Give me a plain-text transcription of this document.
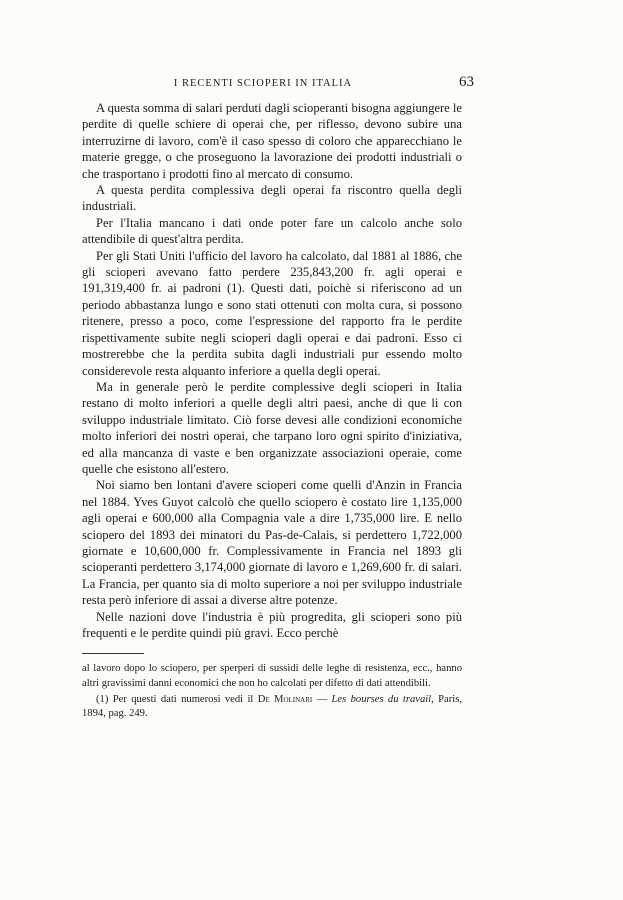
I RECENTI SCIOPERI IN ITALIA	63

A questa somma di salari perduti dagli scioperanti bisogna aggiungere le perdite di quelle schiere di operai che, per riflesso, devono subire una interruzirne di lavoro, com'è il caso spesso di coloro che apparecchiano le materie gregge, o che proseguono la lavorazione dei prodotti industriali o che trasportano i prodotti fino al mercato di consumo.

A questa perdita complessiva degli operai fa riscontro quella degli industriali.

Per l'Italia mancano i dati onde poter fare un calcolo anche solo attendibile di quest'altra perdita.

Per gli Stati Uniti l'ufficio del lavoro ha calcolato, dal 1881 al 1886, che gli scioperi avevano fatto perdere 235,843,200 fr. agli operai e 191,319,400 fr. ai padroni (1). Questi dati, poichè si riferiscono ad un periodo abbastanza lungo e sono stati ottenuti con molta cura, si possono ritenere, presso a poco, come l'espressione del rapporto fra le perdite rispettivamente subite negli scioperi dagli operai e dai padroni. Esso ci mostrerebbe che la perdita subita dagli industriali pur essendo molto considerevole resta alquanto inferiore a quella degli operai.

Ma in generale però le perdite complessive degli scioperi in Italia restano di molto inferiori a quelle degli altri paesi, anche di que li con sviluppo industriale limitato. Ciò forse devesi alle condizioni economiche molto inferiori dei nostri operai, che tarpano loro ogni spirito d'iniziativa, ed alla mancanza di vaste e ben organizzate associazioni operaie, come quelle che esistono all'estero.

Noi siamo ben lontani d'avere scioperi come quelli d'Anzin in Francia nel 1884. Yves Guyot calcolò che quello sciopero è costato lire 1,135,000 agli operai e 600,000 alla Compagnia vale a dire 1,735,000 lire. E nello sciopero del 1893 dei minatori du Pas-de-Calais, si perdettero 1,722,000 giornate e 10,600,000 fr. Complessivamente in Francia nel 1893 gli scioperanti perdettero 3,174,000 giornate di lavoro e 1,269,600 fr. di salari. La Francia, per quanto sia di molto superiore a noi per sviluppo industriale resta però inferiore di assai a diverse altre potenze.

Nelle nazioni dove l'industria è più progredita, gli scioperi sono più frequenti e le perdite quindi più gravi. Ecco perchè

al lavoro dopo lo sciopero, per sperperi di sussidi delle leghe di resistenza, ecc., hanno altri gravissimi danni economici che non ho calcolati per difetto di dati attendibili.

(1) Per questi dati numerosi vedi il De Molinari — Les bourses du travail, Paris, 1894, pag. 249.
